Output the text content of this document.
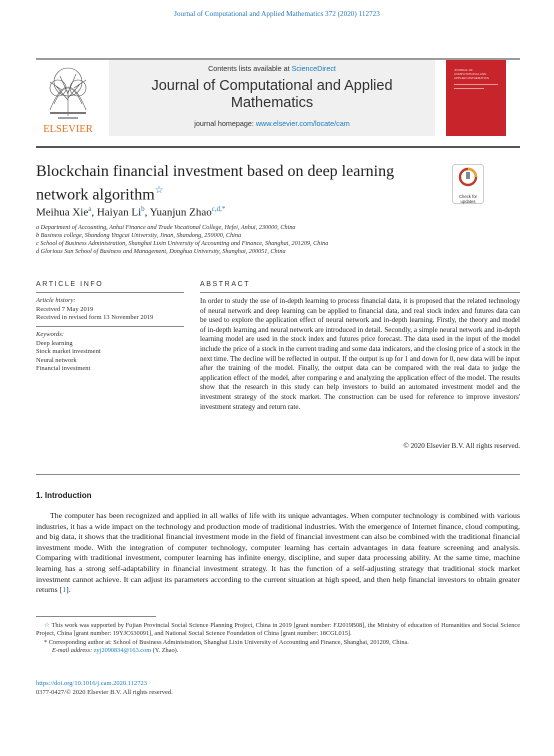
Journal of Computational and Applied Mathematics 372 (2020) 112723
ELSEVIER
Contents lists available at ScienceDirect
Journal of Computational and Applied Mathematics
journal homepage: www.elsevier.com/locate/cam
JOURNAL OF COMPUTATIONAL AND APPLIED MATHEMATICS
Blockchain financial investment based on deep learning network algorithm☆
Check for
updates
Meihua Xie$^a$, Haiyan Li$^b$, Yuanjun Zhao$^{c,d,*}$
a Department of Accounting, Anhui Finance and Trade Vocational College, Hefei, Anhui, 230000, China
b Business college, Shandong Yingcai University, Jinan, Shandong, 250000, China
c School of Business Administration, Shanghai Lixin University of Accounting and Finance, Shanghai, 201209, China
d Glorious Sun School of Business and Management, Donghua University, Shanghai, 200051, China
ARTICLE INFO
Article history:
Received 7 May 2019
Received in revised form 13 November 2019
Keywords:
Deep learning
Stock market investment
Neural network
Financial investment
ABSTRACT
In order to study the use of in-depth learning to process financial data, it is proposed that the related technology of neural network and deep learning can be applied to financial data, and real stock index and futures data can be used to explore the application effect of neural network and in-depth learning. Firstly, the theory and model of in-depth learning and neural network are introduced in detail. Secondly, a simple neural network and in-depth learning model are used in the stock index and futures price forecast. The data used in the input of the model include the price of a stock in the current trading and some data indicators, and the closing price of a stock in the next time. The decline will be reflected in output. If the output is up for 1 and down for 0, new data will be input after the training of the model. Finally, the output data can be compared with the real data to judge the application effect of the model, after comparing e and analyzing the application effect of the model. The results show that the research in this study can help investors to build an automated investment model and the investment strategy of the stock market. The construction can be used for reference to improve investors' investment strategy and return rate.
© 2020 Elsevier B.V. All rights reserved.
1. Introduction
The computer has been recognized and applied in all walks of life with its unique advantages. When computer technology is combined with various industries, it has a wide impact on the technology and production mode of traditional industries. With the emergence of Internet finance, cloud computing, and big data, it shows that the traditional financial investment mode in the field of financial investment can also be combined with the traditional financial investment mode. With the integration of computer technology, computer learning has certain advantages in data feature screening and analysis. Comparing with traditional investment, computer learning has infinite energy, discipline, and super data processing ability. At the same time, machine learning has a strong self-adaptability in financial investment strategy. It has the function of a self-adjusting strategy that traditional stock market investment cannot achieve. It can adjust its parameters according to the current situation at high speed, and then help financial investors to obtain greater returns [1].
☆ This work was supported by Fujian Provincial Social Science Planning Project, China in 2019 [grant number: FJ2019B08], the Ministry of education of Humanities and Social Science Project, China [grant number: 19YJC630091], and National Social Science Foundation of China [grant number: 18CGL015].
* Corresponding author at: School of Business Administration, Shanghai Lixin University of Accounting and Finance, Shanghai, 201209, China.
E-mail address: zyj2090834@163.com (Y. Zhao).
https://doi.org/10.1016/j.cam.2020.112723
0377-0427/© 2020 Elsevier B.V. All rights reserved.
